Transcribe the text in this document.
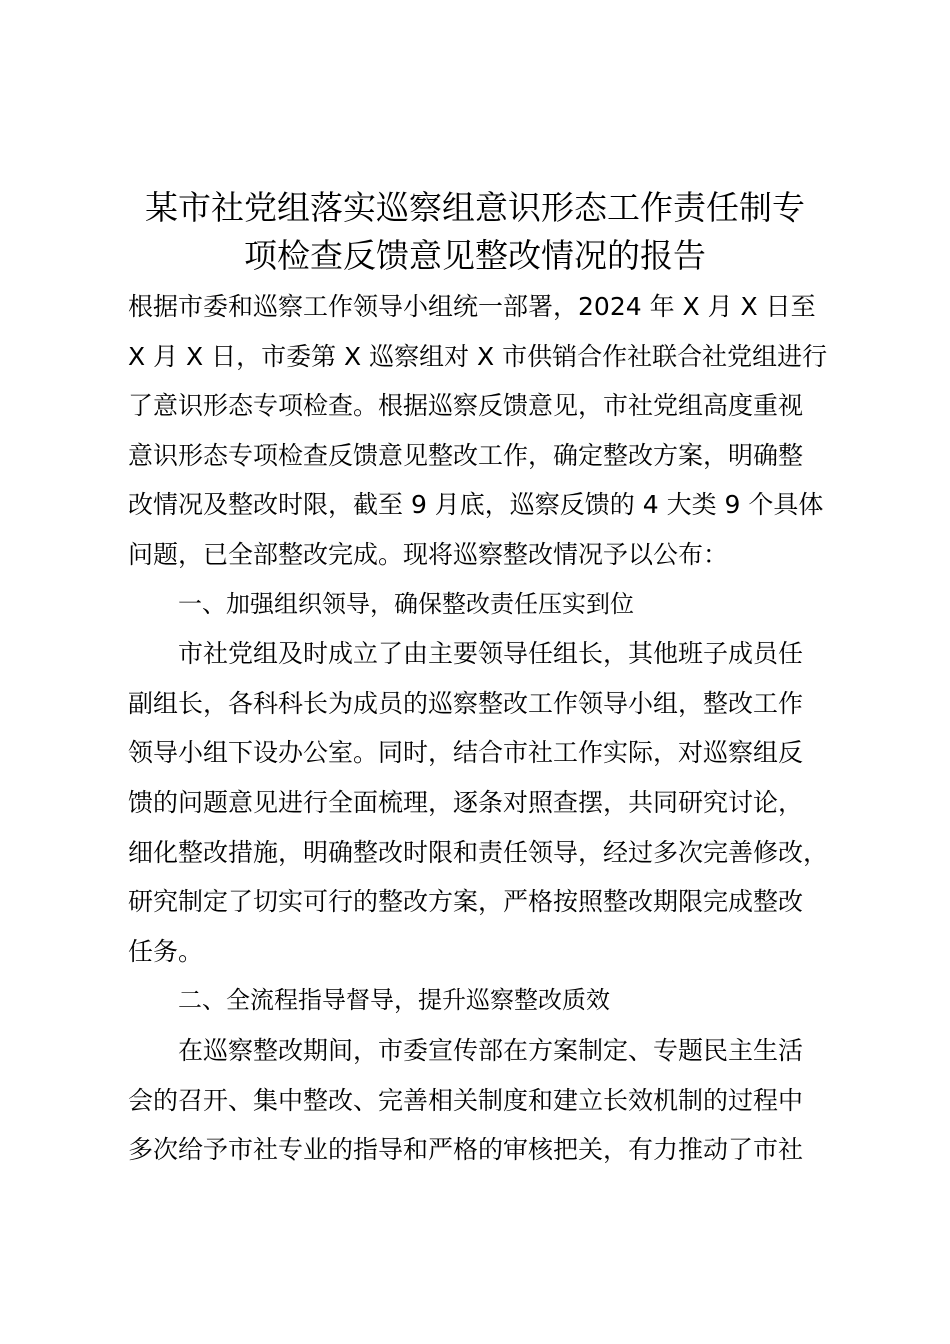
某市社党组落实巡察组意识形态工作责任制专
项检查反馈意见整改情况的报告

根据市委和巡察工作领导小组统一部署，2024 年 X 月 X 日至
X 月 X 日，市委第 X 巡察组对 X 市供销合作社联合社党组进行
了意识形态专项检查。根据巡察反馈意见，市社党组高度重视
意识形态专项检查反馈意见整改工作，确定整改方案，明确整
改情况及整改时限，截至 9 月底，巡察反馈的 4 大类 9 个具体
问题，已全部整改完成。现将巡察整改情况予以公布：

一、加强组织领导，确保整改责任压实到位

市社党组及时成立了由主要领导任组长，其他班子成员任
副组长，各科科长为成员的巡察整改工作领导小组，整改工作
领导小组下设办公室。同时，结合市社工作实际，对巡察组反
馈的问题意见进行全面梳理，逐条对照查摆，共同研究讨论，
细化整改措施，明确整改时限和责任领导，经过多次完善修改，
研究制定了切实可行的整改方案，严格按照整改期限完成整改
任务。

二、全流程指导督导，提升巡察整改质效

在巡察整改期间，市委宣传部在方案制定、专题民主生活
会的召开、集中整改、完善相关制度和建立长效机制的过程中
多次给予市社专业的指导和严格的审核把关，有力推动了市社
